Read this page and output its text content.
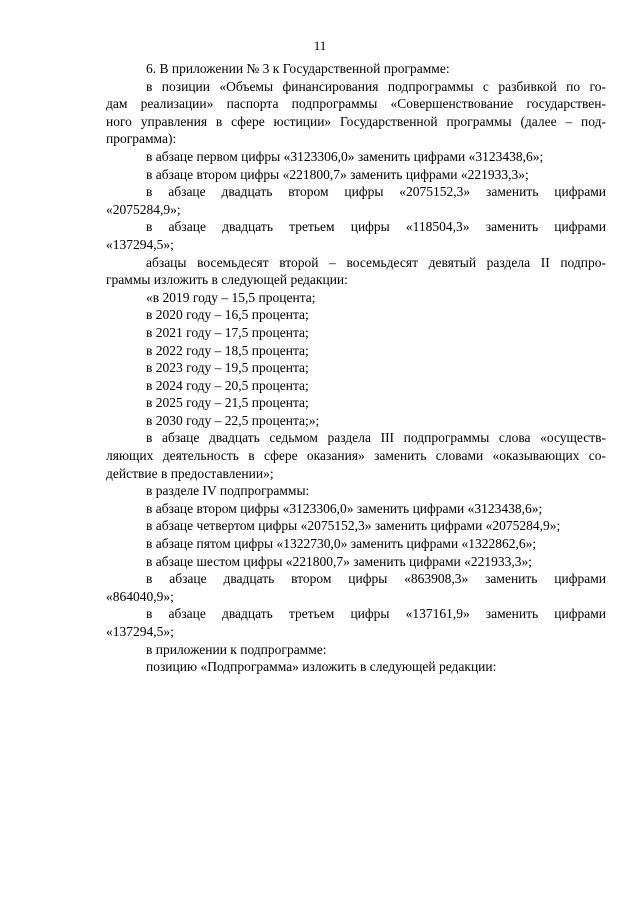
11
6. В приложении № 3 к Государственной программе:
в позиции «Объемы финансирования подпрограммы с разбивкой по го-
дам реализации» паспорта подпрограммы «Совершенствование государствен-
ного управления в сфере юстиции» Государственной программы (далее – под-
программа):
в абзаце первом цифры «3123306,0» заменить цифрами «3123438,6»;
в абзаце втором цифры «221800,7» заменить цифрами «221933,3»;
в абзаце двадцать втором цифры «2075152,3» заменить цифрами
«2075284,9»;
в абзаце двадцать третьем цифры «118504,3» заменить цифрами
«137294,5»;
абзацы восемьдесят второй – восемьдесят девятый раздела II подпро-
граммы изложить в следующей редакции:
«в 2019 году – 15,5 процента;
в 2020 году – 16,5 процента;
в 2021 году – 17,5 процента;
в 2022 году – 18,5 процента;
в 2023 году – 19,5 процента;
в 2024 году – 20,5 процента;
в 2025 году – 21,5 процента;
в 2030 году – 22,5 процента;»;
в абзаце двадцать седьмом раздела III подпрограммы слова «осуществ-
ляющих деятельность в сфере оказания» заменить словами «оказывающих со-
действие в предоставлении»;
в разделе IV подпрограммы:
в абзаце втором цифры «3123306,0» заменить цифрами «3123438,6»;
в абзаце четвертом цифры «2075152,3» заменить цифрами «2075284,9»;
в абзаце пятом цифры «1322730,0» заменить цифрами «1322862,6»;
в абзаце шестом цифры «221800,7» заменить цифрами «221933,3»;
в абзаце двадцать втором цифры «863908,3» заменить цифрами
«864040,9»;
в абзаце двадцать третьем цифры «137161,9» заменить цифрами
«137294,5»;
в приложении к подпрограмме:
позицию «Подпрограмма» изложить в следующей редакции:
